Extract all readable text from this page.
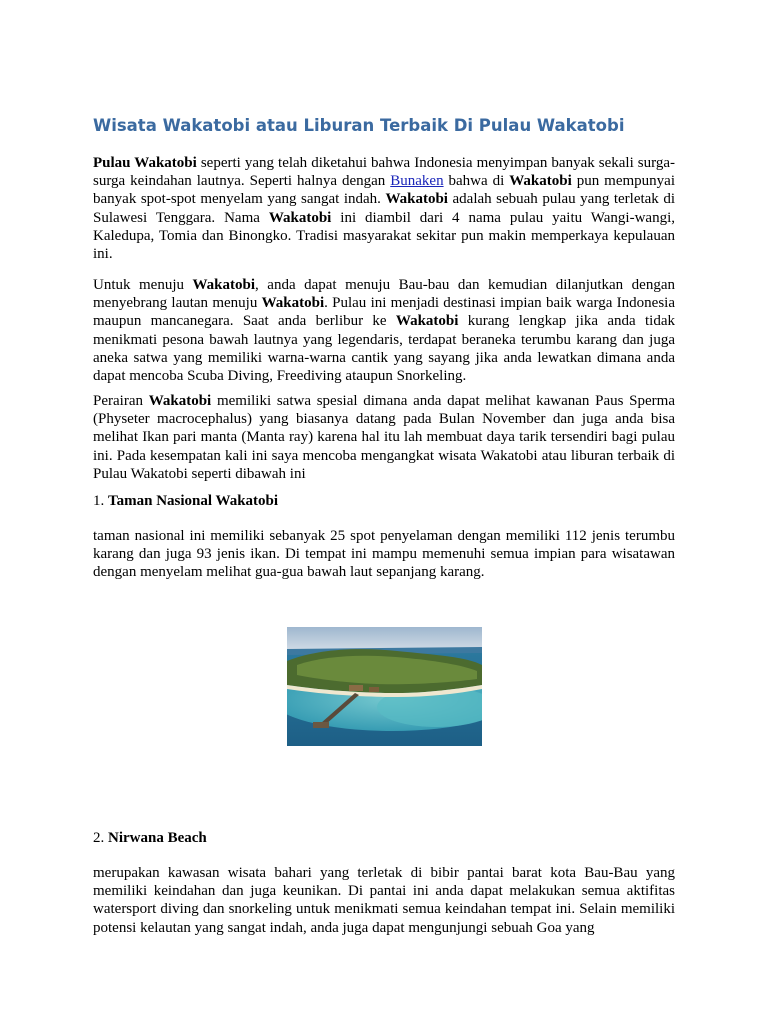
Wisata Wakatobi atau Liburan Terbaik Di Pulau Wakatobi

Pulau Wakatobi seperti yang telah diketahui bahwa Indonesia menyimpan banyak sekali surga-surga keindahan lautnya. Seperti halnya dengan Bunaken bahwa di Wakatobi pun mempunyai banyak spot-spot menyelam yang sangat indah. Wakatobi adalah sebuah pulau yang terletak di Sulawesi Tenggara. Nama Wakatobi ini diambil dari 4 nama pulau yaitu Wangi-wangi, Kaledupa, Tomia dan Binongko. Tradisi masyarakat sekitar pun makin memperkaya kepulauan ini.

Untuk menuju Wakatobi, anda dapat menuju Bau-bau dan kemudian dilanjutkan dengan menyebrang lautan menuju Wakatobi. Pulau ini menjadi destinasi impian baik warga Indonesia maupun mancanegara. Saat anda berlibur ke Wakatobi kurang lengkap jika anda tidak menikmati pesona bawah lautnya yang legendaris, terdapat beraneka terumbu karang dan juga aneka satwa yang memiliki warna-warna cantik yang sayang jika anda lewatkan dimana anda dapat mencoba Scuba Diving, Freediving ataupun Snorkeling.

Perairan Wakatobi memiliki satwa spesial dimana anda dapat melihat kawanan Paus Sperma (Physeter macrocephalus) yang biasanya datang pada Bulan November dan juga anda bisa melihat Ikan pari manta (Manta ray) karena hal itu lah membuat daya tarik tersendiri bagi pulau ini. Pada kesempatan kali ini saya mencoba mengangkat wisata Wakatobi atau liburan terbaik di Pulau Wakatobi seperti dibawah ini

1. Taman Nasional Wakatobi

taman nasional ini memiliki sebanyak 25 spot penyelaman dengan memiliki 112 jenis terumbu karang dan juga 93 jenis ikan. Di tempat ini mampu memenuhi semua impian para wisatawan dengan menyelam melihat gua-gua bawah laut sepanjang karang.

2. Nirwana Beach

merupakan kawasan wisata bahari yang terletak di bibir pantai barat kota Bau-Bau yang memiliki keindahan dan juga keunikan. Di pantai ini anda dapat melakukan semua aktifitas watersport diving dan snorkeling untuk menikmati semua keindahan tempat ini. Selain memiliki potensi kelautan yang sangat indah, anda juga dapat mengunjungi sebuah Goa yang
